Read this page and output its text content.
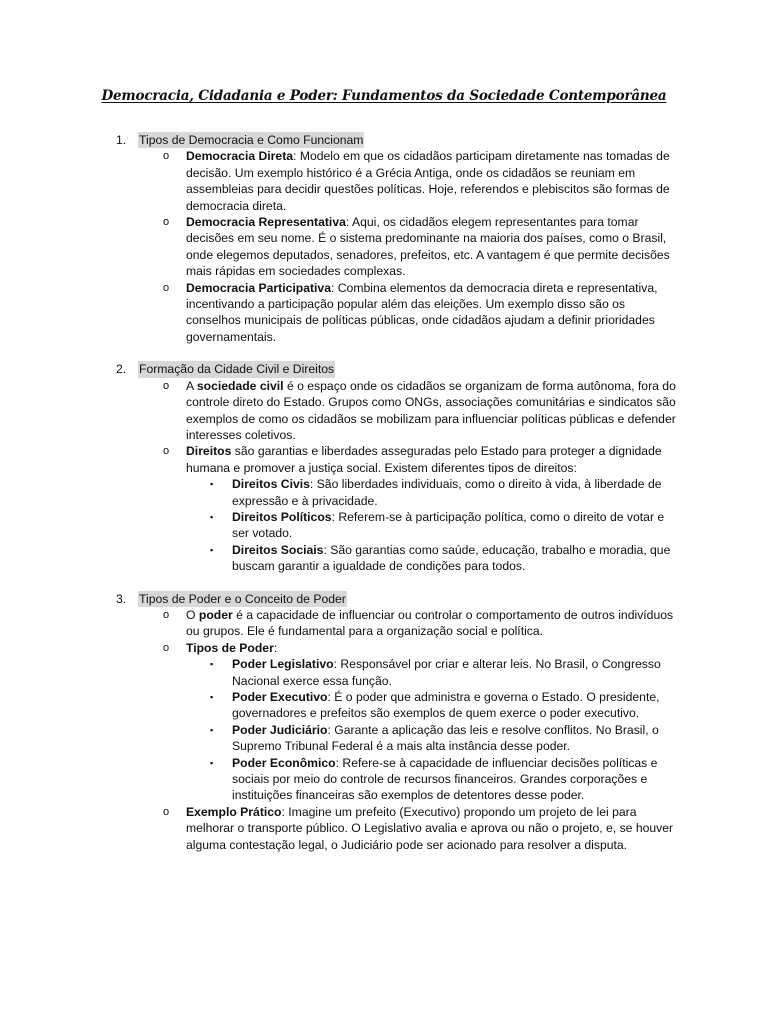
Democracia, Cidadania e Poder: Fundamentos da Sociedade Contemporânea
1.	Tipos de Democracia e Como Funcionam
o Democracia Direta: Modelo em que os cidadãos participam diretamente nas tomadas de decisão. Um exemplo histórico é a Grécia Antiga, onde os cidadãos se reuniam em assembleias para decidir questões políticas. Hoje, referendos e plebiscitos são formas de democracia direta.
o Democracia Representativa: Aqui, os cidadãos elegem representantes para tomar decisões em seu nome. É o sistema predominante na maioria dos países, como o Brasil, onde elegemos deputados, senadores, prefeitos, etc. A vantagem é que permite decisões mais rápidas em sociedades complexas.
o Democracia Participativa: Combina elementos da democracia direta e representativa, incentivando a participação popular além das eleições. Um exemplo disso são os conselhos municipais de políticas públicas, onde cidadãos ajudam a definir prioridades governamentais.
2.	Formação da Cidade Civil e Direitos
o A sociedade civil é o espaço onde os cidadãos se organizam de forma autônoma, fora do controle direto do Estado. Grupos como ONGs, associações comunitárias e sindicatos são exemplos de como os cidadãos se mobilizam para influenciar políticas públicas e defender interesses coletivos.
o Direitos são garantias e liberdades asseguradas pelo Estado para proteger a dignidade humana e promover a justiça social. Existem diferentes tipos de direitos:
▪ Direitos Civis: São liberdades individuais, como o direito à vida, à liberdade de expressão e à privacidade.
▪ Direitos Políticos: Referem-se à participação política, como o direito de votar e ser votado.
▪ Direitos Sociais: São garantias como saúde, educação, trabalho e moradia, que buscam garantir a igualdade de condições para todos.
3.	Tipos de Poder e o Conceito de Poder
o O poder é a capacidade de influenciar ou controlar o comportamento de outros indivíduos ou grupos. Ele é fundamental para a organização social e política.
o Tipos de Poder:
▪ Poder Legislativo: Responsável por criar e alterar leis. No Brasil, o Congresso Nacional exerce essa função.
▪ Poder Executivo: É o poder que administra e governa o Estado. O presidente, governadores e prefeitos são exemplos de quem exerce o poder executivo.
▪ Poder Judiciário: Garante a aplicação das leis e resolve conflitos. No Brasil, o Supremo Tribunal Federal é a mais alta instância desse poder.
▪ Poder Econômico: Refere-se à capacidade de influenciar decisões políticas e sociais por meio do controle de recursos financeiros. Grandes corporações e instituições financeiras são exemplos de detentores desse poder.
o Exemplo Prático: Imagine um prefeito (Executivo) propondo um projeto de lei para melhorar o transporte público. O Legislativo avalia e aprova ou não o projeto, e, se houver alguma contestação legal, o Judiciário pode ser acionado para resolver a disputa.
